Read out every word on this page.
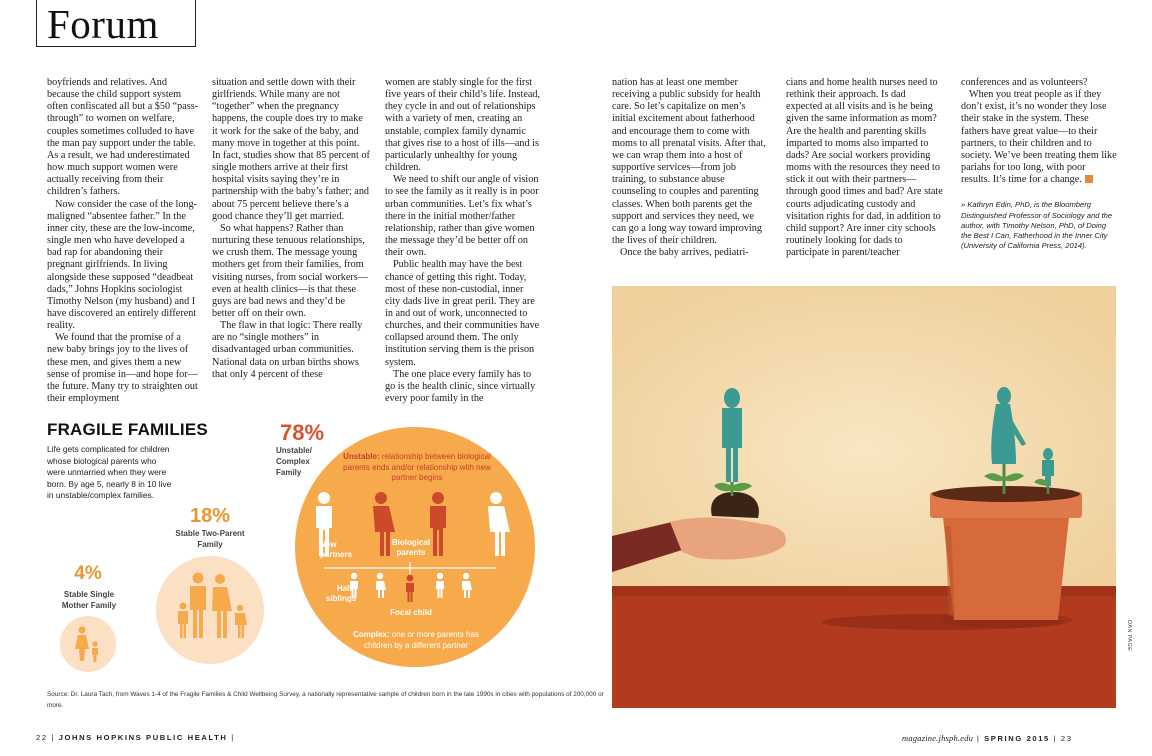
Forum

boyfriends and relatives. And because the child support system often confiscated all but a $50 “pass-through” to women on welfare, couples sometimes colluded to have the man pay support under the table. As a result, we had underestimated how much support women were actually receiving from their children’s fathers.

Now consider the case of the long-maligned “absentee father.” In the inner city, these are the low-income, single men who have developed a bad rap for abandoning their pregnant girlfriends. In living alongside these supposed “deadbeat dads,” Johns Hopkins sociologist Timothy Nelson (my husband) and I have discovered an entirely different reality.

We found that the promise of a new baby brings joy to the lives of these men, and gives them a new sense of promise in—and hope for—the future. Many try to straighten out their employment

situation and settle down with their girlfriends. While many are not “together” when the pregnancy happens, the couple does try to make it work for the sake of the baby, and many move in together at this point. In fact, studies show that 85 percent of single mothers arrive at their first hospital visits saying they’re in partnership with the baby’s father; and about 75 percent believe there’s a good chance they’ll get married.

So what happens? Rather than nurturing these tenuous relationships, we crush them. The message young mothers get from their families, from visiting nurses, from social workers—even at health clinics—is that these guys are bad news and they’d be better off on their own.

The flaw in that logic: There really are no “single mothers” in disadvantaged urban communities. National data on urban births shows that only 4 percent of these

women are stably single for the first five years of their child’s life. Instead, they cycle in and out of relationships with a variety of men, creating an unstable, complex family dynamic that gives rise to a host of ills—and is particularly unhealthy for young children.

We need to shift our angle of vision to see the family as it really is in poor urban communities. Let’s fix what’s there in the initial mother/father relationship, rather than give women the message they’d be better off on their own.

Public health may have the best chance of getting this right. Today, most of these non-custodial, inner city dads live in great peril. They are in and out of work, unconnected to churches, and their communities have collapsed around them. The only institution serving them is the prison system.

The one place every family has to go is the health clinic, since virtually every poor family in the

nation has at least one member receiving a public subsidy for health care. So let’s capitalize on men’s initial excitement about fatherhood and encourage them to come with moms to all prenatal visits. After that, we can wrap them into a host of supportive services—from job training, to substance abuse counseling to couples and parenting classes. When both parents get the support and services they need, we can go a long way toward improving the lives of their children.

Once the baby arrives, pediatri-

cians and home health nurses need to rethink their approach. Is dad expected at all visits and is he being given the same information as mom? Are the health and parenting skills imparted to moms also imparted to dads? Are social workers providing moms with the resources they need to stick it out with their partners—through good times and bad? Are state courts adjudicating custody and visitation rights for dad, in addition to child support? Are inner city schools routinely looking for dads to participate in parent/teacher

conferences and as volunteers?

When you treat people as if they don’t exist, it’s no wonder they lose their stake in the system. These fathers have great value—to their partners, to their children and to society. We’ve been treating them like pariahs for too long, with poor results. It’s time for a change.

» Kathryn Edin, PhD, is the Bloomberg Distinguished Professor of Sociology and the author, with Timothy Nelson, PhD, of Doing the Best I Can, Fatherhood in the Inner City (University of California Press, 2014).

FRAGILE FAMILIES
Life gets complicated for children whose biological parents who were unmarried when they were born. By age 5, nearly 8 in 10 live in unstable/complex families.
4%
Stable Single Mother Family
18%
Stable Two-Parent Family
78%
Unstable/ Complex Family
Unstable: relationship between biological parents ends and/or relationship with new partner begins
New partners
Biological parents
Half siblings
Focal child
Complex: one or more parents has children by a different partner
Source: Dr. Laura Tach, from Waves 1-4 of the Fragile Families & Child Wellbeing Survey, a nationally representative sample of children born in the late 1990s in cities with populations of 200,000 or more.
DAN PAGE
22 | JOHNS HOPKINS PUBLIC HEALTH |	magazine.jhsph.edu | SPRING 2015 | 23
